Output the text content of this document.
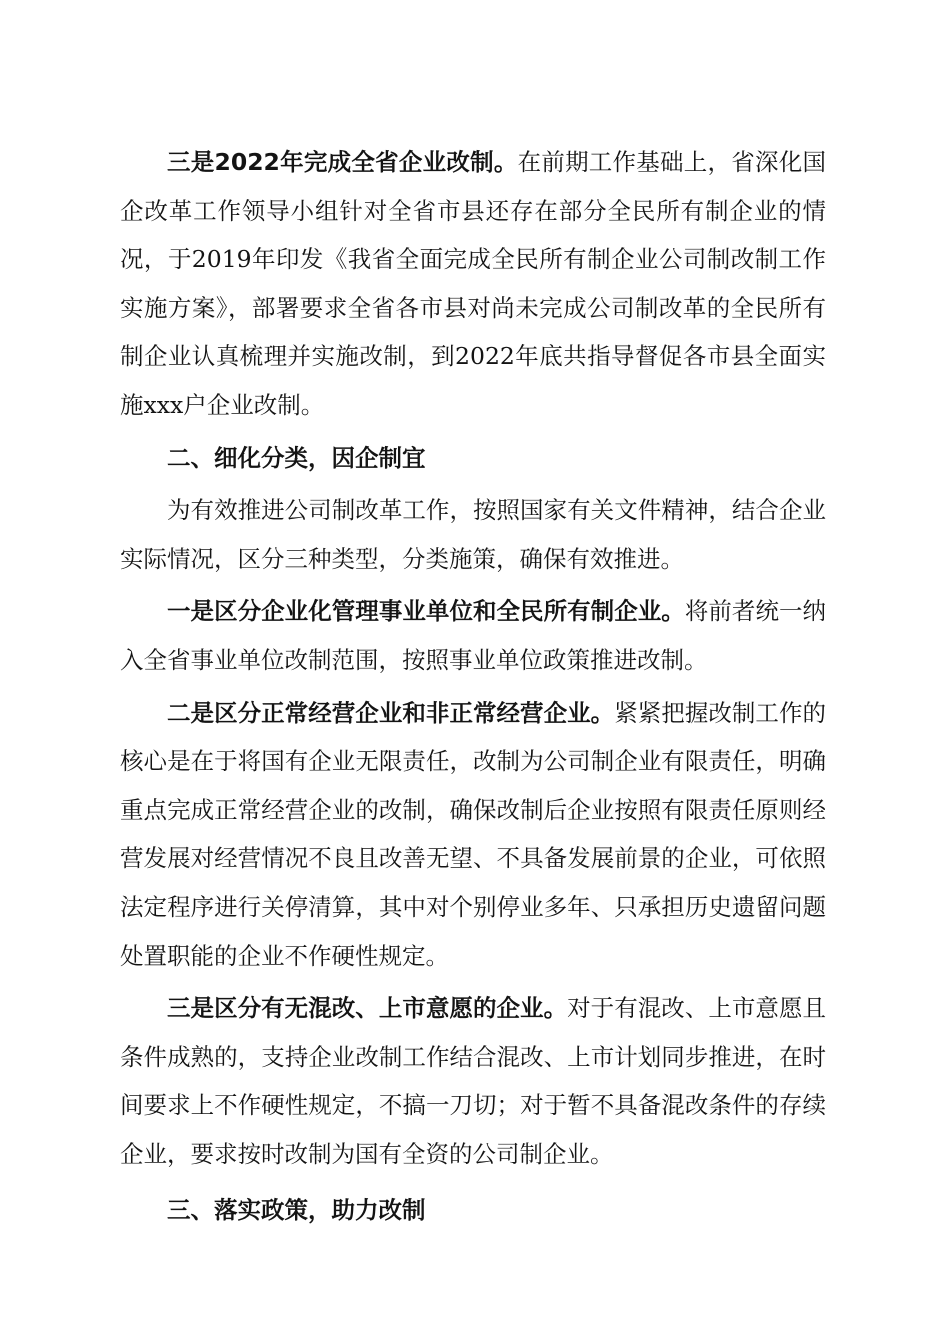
三是2022年完成全省企业改制。在前期工作基础上，省深化国企改革工作领导小组针对全省市县还存在部分全民所有制企业的情况，于2019年印发《我省全面完成全民所有制企业公司制改制工作实施方案》，部署要求全省各市县对尚未完成公司制改革的全民所有制企业认真梳理并实施改制，到2022年底共指导督促各市县全面实施xxx户企业改制。

二、细化分类，因企制宜

为有效推进公司制改革工作，按照国家有关文件精神，结合企业实际情况，区分三种类型，分类施策，确保有效推进。

一是区分企业化管理事业单位和全民所有制企业。将前者统一纳入全省事业单位改制范围，按照事业单位政策推进改制。

二是区分正常经营企业和非正常经营企业。紧紧把握改制工作的核心是在于将国有企业无限责任，改制为公司制企业有限责任，明确重点完成正常经营企业的改制，确保改制后企业按照有限责任原则经营发展对经营情况不良且改善无望、不具备发展前景的企业，可依照法定程序进行关停清算，其中对个别停业多年、只承担历史遗留问题处置职能的企业不作硬性规定。

三是区分有无混改、上市意愿的企业。对于有混改、上市意愿且条件成熟的，支持企业改制工作结合混改、上市计划同步推进，在时间要求上不作硬性规定，不搞一刀切；对于暂不具备混改条件的存续企业，要求按时改制为国有全资的公司制企业。

三、落实政策，助力改制
